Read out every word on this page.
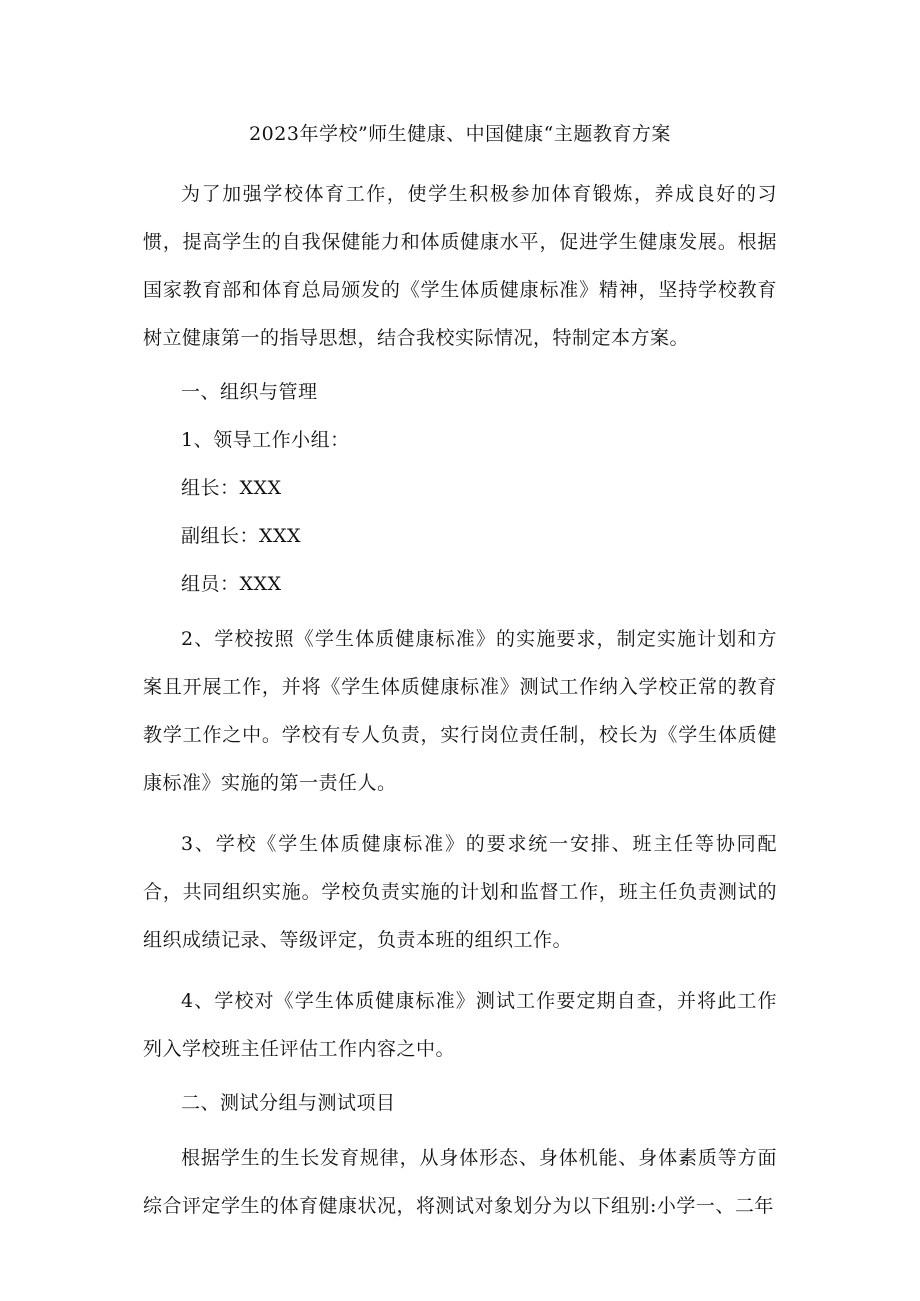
2023年学校”师生健康、中国健康“主题教育方案

为了加强学校体育工作，使学生积极参加体育锻炼，养成良好的习惯，提高学生的自我保健能力和体质健康水平，促进学生健康发展。根据国家教育部和体育总局颁发的《学生体质健康标准》精神，坚持学校教育树立健康第一的指导思想，结合我校实际情况，特制定本方案。

一、组织与管理

1、领导工作小组：

组长：XXX

副组长：XXX

组员：XXX

2、学校按照《学生体质健康标准》的实施要求，制定实施计划和方案且开展工作，并将《学生体质健康标准》测试工作纳入学校正常的教育教学工作之中。学校有专人负责，实行岗位责任制，校长为《学生体质健康标准》实施的第一责任人。

3、学校《学生体质健康标准》的要求统一安排、班主任等协同配合，共同组织实施。学校负责实施的计划和监督工作，班主任负责测试的组织成绩记录、等级评定，负责本班的组织工作。

4、学校对《学生体质健康标准》测试工作要定期自查，并将此工作列入学校班主任评估工作内容之中。

二、测试分组与测试项目

根据学生的生长发育规律，从身体形态、身体机能、身体素质等方面综合评定学生的体育健康状况，将测试对象划分为以下组别:小学一、二年
